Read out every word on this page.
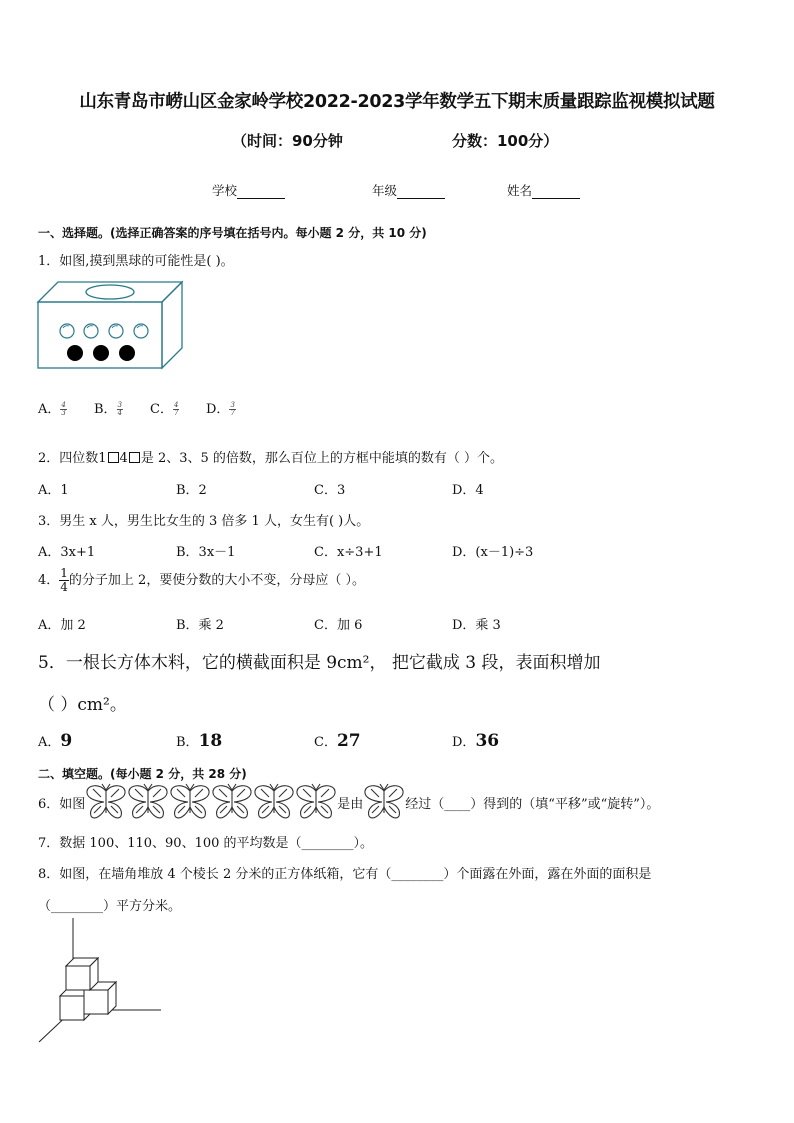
山东青岛市崂山区金家岭学校2022-2023学年数学五下期末质量跟踪监视模拟试题
（时间：90分钟	分数：100分）
学校	年级	姓名
一、选择题。(选择正确答案的序号填在括号内。每小题 2 分，共 10 分)
1．如图,摸到黑球的可能性是( )。
A． $\frac{4}{3}$ B． $\frac{3}{4}$ C． $\frac{4}{7}$ D． $\frac{3}{7}$
2．四位数1 4 是 2、3、5 的倍数，那么百位上的方框中能填的数有（ ）个。
A．1	B．2	C．3	D．4
3．男生 x 人，男生比女生的 3 倍多 1 人，女生有( )人。
A．3x+1	B．3x－1	C．x÷3+1	D．(x－1)÷3
4． $\frac{1}{4}$ 的分子加上 2，要使分数的大小不变，分母应（ ）。
A．加 2	B．乘 2	C．加 6	D．乘 3
5．一根长方体木料，它的横截面积是 9cm²， 把它截成 3 段，表面积增加
（ ）cm²。
A．9	B．18	C．27	D．36
二、填空题。(每小题 2 分，共 28 分)
6．如图	是由	经过（____）得到的（填“平移”或“旋转”）。
7．数据 100、110、90、100 的平均数是（________）。
8．如图，在墙角堆放 4 个棱长 2 分米的正方体纸箱，它有（________）个面露在外面，露在外面的面积是
（________）平方分米。
